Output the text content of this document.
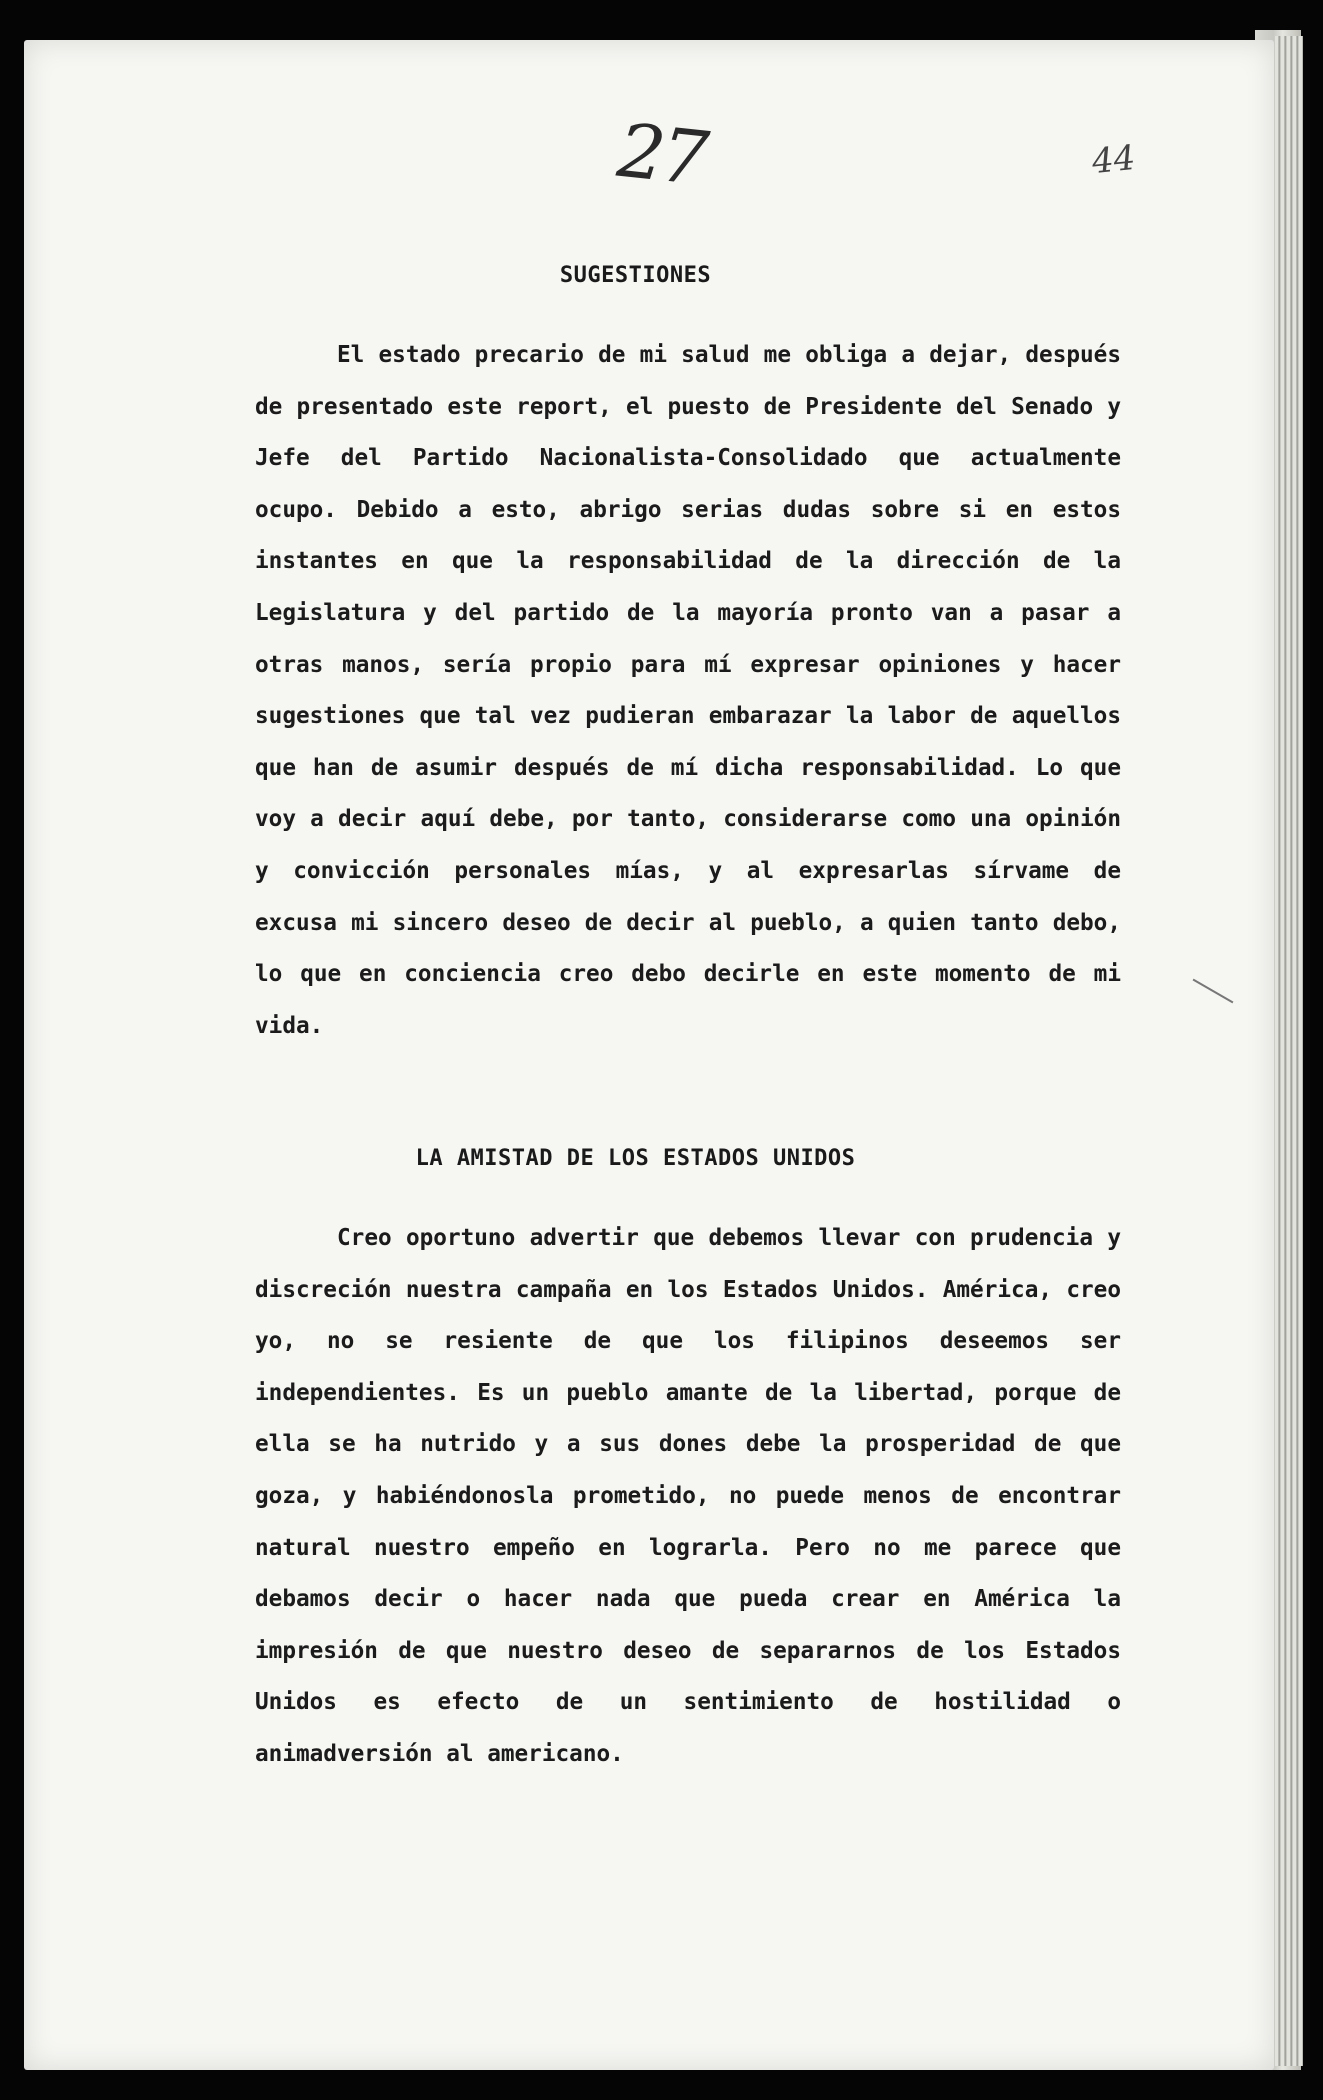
27	44
SUGESTIONES
El estado precario de mi salud me obliga a dejar, después de presentado este report, el puesto de Presidente del Senado y Jefe del Partido Nacionalista-Consolidado que actualmente ocupo. Debido a esto, abrigo serias dudas sobre si en estos instantes en que la responsabilidad de la dirección de la Legislatura y del partido de la mayoría pronto van a pasar a otras manos, sería propio para mí expresar opiniones y hacer sugestiones que tal vez pudieran embarazar la labor de aquellos que han de asumir después de mí dicha responsabilidad. Lo que voy a decir aquí debe, por tanto, considerarse como una opinión y convicción personales mías, y al expresarlas sírvame de excusa mi sincero deseo de decir al pueblo, a quien tanto debo, lo que en conciencia creo debo decirle en este momento de mi vida.
LA AMISTAD DE LOS ESTADOS UNIDOS
Creo oportuno advertir que debemos llevar con prudencia y discreción nuestra campaña en los Estados Unidos. América, creo yo, no se resiente de que los filipinos deseemos ser independientes. Es un pueblo amante de la libertad, porque de ella se ha nutrido y a sus dones debe la prosperidad de que goza, y habiéndonosla prometido, no puede menos de encontrar natural nuestro empeño en lograrla. Pero no me parece que debamos decir o hacer nada que pueda crear en América la impresión de que nuestro deseo de separarnos de los Estados Unidos es efecto de un sentimiento de hostilidad o animadversión al americano.
